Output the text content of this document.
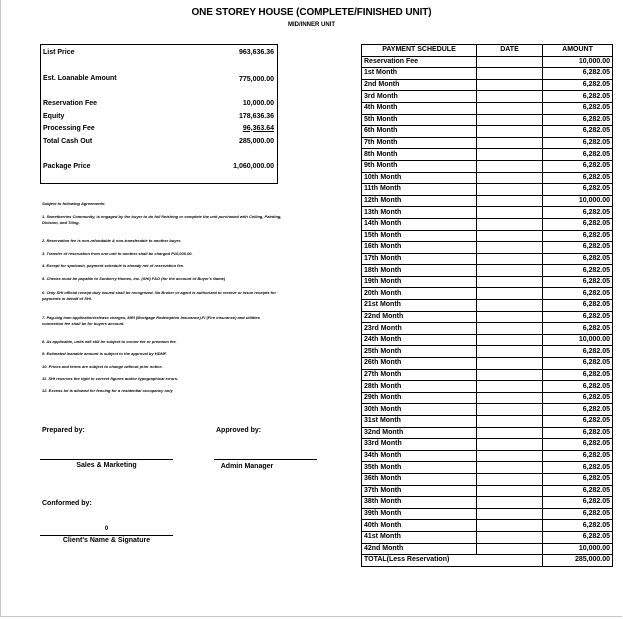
ONE STOREY HOUSE (COMPLETE/FINISHED UNIT)
MID/INNER UNIT
List Price	963,636.36
Est. Loanable Amount	775,000.00
Reservation Fee	10,000.00
Equity	178,636.36
Processing Fee	96,363.64
Total Cash Out	285,000.00
Package Price	1,060,000.00
Subject to following Agreements:
1. Sweetberries Community, is engaged by the buyer to do full finishing or complete the unit purchased with Ceiling, Painting, Division, and Tiling.
2. Reservation fee is non-refundable & non-transferable to another buyer.
3. Transfer of reservation from one unit to another shall be charged P10,000.00.
4. Except for spotcash, payment schedule is already net of reservation fee.
5. Checks must be payable to Sunberry Homes, Inc. (SHI) FAO (for the account of Buyer's Name)
6. Only SHI official receipt duly issued shall be recognized. No Broker or agent is authorized to receive or issue receipts for payments in behalf of SHI.
7. Pag-ibig loan application/release charges, MRI (Mortgage Redemption Insurance),FI (Fire insurance) and utilities connection fee shall be for buyers account.
8. As applicable, units will still be subject to corner fee or premium fee.
9. Estimated loanable amount is subject to the approval by HDMF.
10. Prices and terms are subject to change without prior notice.
11. SHI reserves the right to correct figures and/or typographical errors.
12. Excess lot is allowed for fencing for a residential occupancy only
Prepared by:
Sales & Marketing
Approved by:
Admin Manager
Conformed by:
0
Client's Name & Signature
PAYMENT SCHEDULE	DATE	AMOUNT
Reservation Fee		10,000.00
1st Month		6,282.05
2nd Month		6,282.05
3rd Month		6,282.05
4th Month		6,282.05
5th Month		6,282.05
6th Month		6,282.05
7th Month		6,282.05
8th Month		6,282.05
9th Month		6,282.05
10th Month		6,282.05
11th Month		6,282.05
12th Month		10,000.00
13th Month		6,282.05
14th Month		6,282.05
15th Month		6,282.05
16th Month		6,282.05
17th Month		6,282.05
18th Month		6,282.05
19th Month		6,282.05
20th Month		6,282.05
21st Month		6,282.05
22nd Month		6,282.05
23rd Month		6,282.05
24th Month		10,000.00
25th Month		6,282.05
26th Month		6,282.05
27th Month		6,282.05
28th Month		6,282.05
29th Month		6,282.05
30th Month		6,282.05
31st Month		6,282.05
32nd Month		6,282.05
33rd Month		6,282.05
34th Month		6,282.05
35th Month		6,282.05
36th Month		6,282.05
37th Month		6,282.05
38th Month		6,282.05
39th Month		6,282.05
40th Month		6,282.05
41st Month		6,282.05
42nd Month		10,000.00
TOTAL(Less Reservation)		285,000.00
